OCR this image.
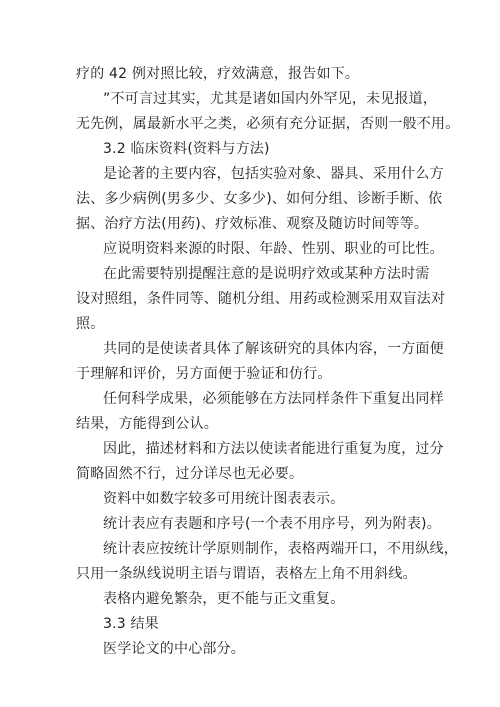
疗的 42 例对照比较，疗效满意，报告如下。
”不可言过其实，尤其是诸如国内外罕见，未见报道，
无先例，属最新水平之类，必须有充分证据，否则一般不用。
3.2 临床资料(资料与方法)
是论著的主要内容，包括实验对象、器具、采用什么方
法、多少病例(男多少、女多少)、如何分组、诊断手断、依
据、治疗方法(用药)、疗效标准、观察及随访时间等等。
应说明资料来源的时限、年龄、性别、职业的可比性。
在此需要特别提醒注意的是说明疗效或某种方法时需
设对照组，条件同等、随机分组、用药或检测采用双盲法对
照。
共同的是使读者具体了解该研究的具体内容，一方面便
于理解和评价，另方面便于验证和仿行。
任何科学成果，必须能够在方法同样条件下重复出同样
结果，方能得到公认。
因此，描述材料和方法以使读者能进行重复为度，过分
简略固然不行，过分详尽也无必要。
资料中如数字较多可用统计图表表示。
统计表应有表题和序号(一个表不用序号，列为附表)。
统计表应按统计学原则制作，表格两端开口，不用纵线，
只用一条纵线说明主语与谓语，表格左上角不用斜线。
表格内避免繁杂，更不能与正文重复。
3.3 结果
医学论文的中心部分。
